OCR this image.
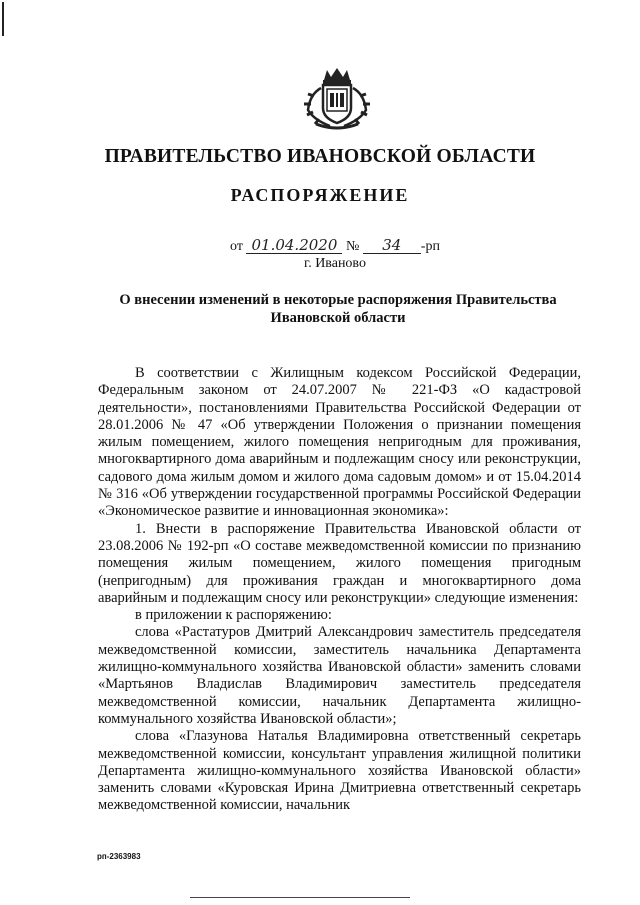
ПРАВИТЕЛЬСТВО ИВАНОВСКОЙ ОБЛАСТИ
РАСПОРЯЖЕНИЕ
от 01.04.2020 № 34 -рп
г. Иваново
О внесении изменений в некоторые распоряжения Правительства Ивановской области

В соответствии с Жилищным кодексом Российской Федерации, Федеральным законом от 24.07.2007 № 221-ФЗ «О кадастровой деятельности», постановлениями Правительства Российской Федерации от 28.01.2006 № 47 «Об утверждении Положения о признании помещения жилым помещением, жилого помещения непригодным для проживания, многоквартирного дома аварийным и подлежащим сносу или реконструкции, садового дома жилым домом и жилого дома садовым домом» и от 15.04.2014 № 316 «Об утверждении государственной программы Российской Федерации «Экономическое развитие и инновационная экономика»:

1. Внести в распоряжение Правительства Ивановской области от 23.08.2006 № 192-рп «О составе межведомственной комиссии по признанию помещения жилым помещением, жилого помещения пригодным (непригодным) для проживания граждан и многоквартирного дома аварийным и подлежащим сносу или реконструкции» следующие изменения:

в приложении к распоряжению:

слова «Растатуров Дмитрий Александрович заместитель председателя межведомственной комиссии, заместитель начальника Департамента жилищно-коммунального хозяйства Ивановской области» заменить словами «Мартьянов Владислав Владимирович заместитель председателя межведомственной комиссии, начальник Департамента жилищно-коммунального хозяйства Ивановской области»;

слова «Глазунова Наталья Владимировна ответственный секретарь межведомственной комиссии, консультант управления жилищной политики Департамента жилищно-коммунального хозяйства Ивановской области» заменить словами «Куровская Ирина Дмитриевна ответственный секретарь межведомственной комиссии, начальник

рп-2363983
